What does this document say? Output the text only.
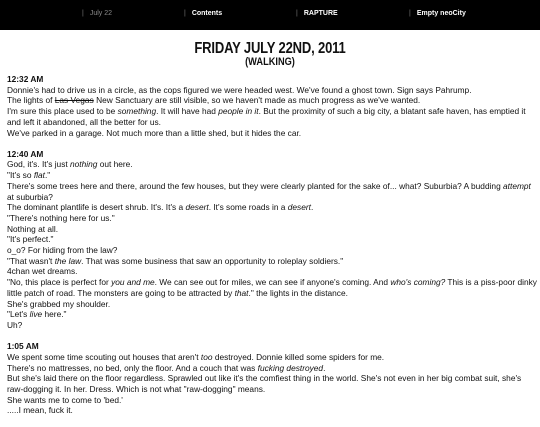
| July 22	| Contents	| RAPTURE	| Empty neoCity
FRIDAY JULY 22ND, 2011
(WALKING)
12:32 AM
Donnie's had to drive us in a circle, as the cops figured we were headed west. We've found a ghost town. Sign says Pahrump.
The lights of Las Vegas New Sanctuary are still visible, so we haven't made as much progress as we've wanted.
I'm sure this place used to be something. It will have had people in it. But the proximity of such a big city, a blatant safe haven, has emptied it and left it abandoned, all the better for us.
We've parked in a garage. Not much more than a little shed, but it hides the car.
12:40 AM
God, it's. It's just nothing out here.
"It's so flat."
There's some trees here and there, around the few houses, but they were clearly planted for the sake of... what? Suburbia? A budding attempt at suburbia?
The dominant plantlife is desert shrub. It's. It's a desert. It's some roads in a desert.
"There's nothing here for us."
Nothing at all.
"It's perfect."
o_o? For hiding from the law?
"That wasn't the law. That was some business that saw an opportunity to roleplay soldiers."
4chan wet dreams.
"No, this place is perfect for you and me. We can see out for miles, we can see if anyone's coming. And who's coming? This is a piss-poor dinky little patch of road. The monsters are going to be attracted by that." the lights in the distance.
She's grabbed my shoulder.
"Let's live here."
Uh?
1:05 AM
We spent some time scouting out houses that aren't too destroyed. Donnie killed some spiders for me.
There's no mattresses, no bed, only the floor. And a couch that was fucking destroyed.
But she's laid there on the floor regardless. Sprawled out like it's the comfiest thing in the world. She's not even in her big combat suit, she's raw-dogging it. In her. Dress. Which is not what "raw-dogging" means.
She wants me to come to 'bed.'
.....I mean, fuck it.
